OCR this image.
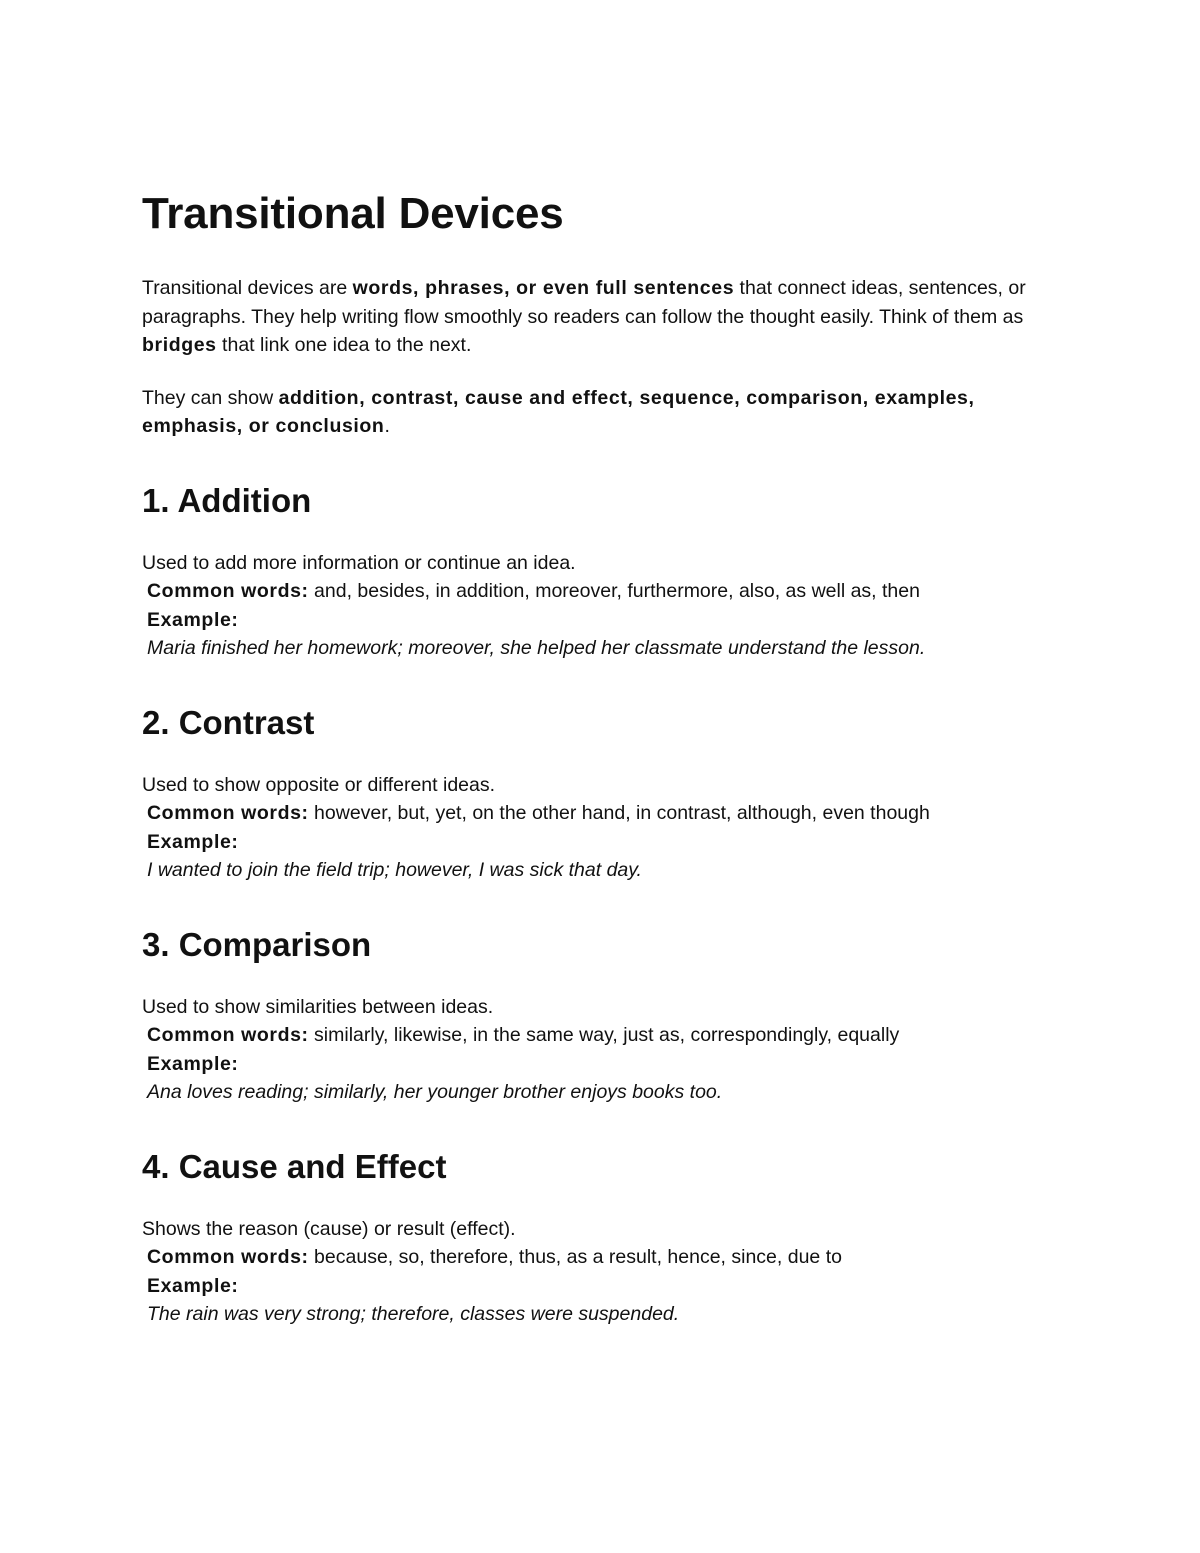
Transitional Devices

Transitional devices are words, phrases, or even full sentences that connect ideas, sentences, or paragraphs. They help writing flow smoothly so readers can follow the thought easily. Think of them as bridges that link one idea to the next.

They can show addition, contrast, cause and effect, sequence, comparison, examples, emphasis, or conclusion.

1. Addition
Used to add more information or continue an idea.
Common words: and, besides, in addition, moreover, furthermore, also, as well as, then
Example:
Maria finished her homework; moreover, she helped her classmate understand the lesson.
2. Contrast
Used to show opposite or different ideas.
Common words: however, but, yet, on the other hand, in contrast, although, even though
Example:
I wanted to join the field trip; however, I was sick that day.
3. Comparison
Used to show similarities between ideas.
Common words: similarly, likewise, in the same way, just as, correspondingly, equally
Example:
Ana loves reading; similarly, her younger brother enjoys books too.
4. Cause and Effect
Shows the reason (cause) or result (effect).
Common words: because, so, therefore, thus, as a result, hence, since, due to
Example:
The rain was very strong; therefore, classes were suspended.
